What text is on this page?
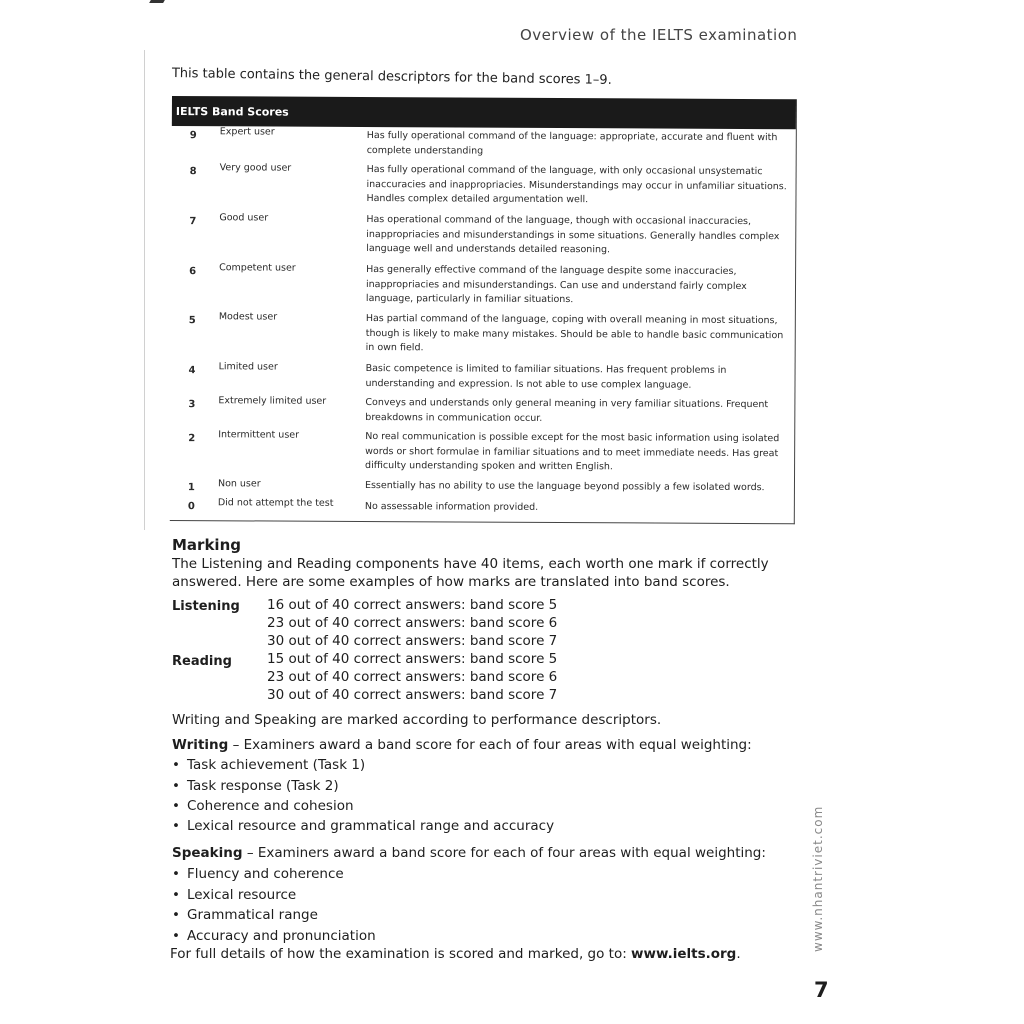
Overview of the IELTS examination
This table contains the general descriptors for the band scores 1–9.
IELTS Band Scores
9 Expert user	Has fully operational command of the language: appropriate, accurate and fluent with complete understanding
8 Very good user	Has fully operational command of the language, with only occasional unsystematic inaccuracies and inappropriacies. Misunderstandings may occur in unfamiliar situations. Handles complex detailed argumentation well.
7 Good user	Has operational command of the language, though with occasional inaccuracies, inappropriacies and misunderstandings in some situations. Generally handles complex language well and understands detailed reasoning.
6 Competent user	Has generally effective command of the language despite some inaccuracies, inappropriacies and misunderstandings. Can use and understand fairly complex language, particularly in familiar situations.
5 Modest user	Has partial command of the language, coping with overall meaning in most situations, though is likely to make many mistakes. Should be able to handle basic communication in own field.
4 Limited user	Basic competence is limited to familiar situations. Has frequent problems in understanding and expression. Is not able to use complex language.
3 Extremely limited user	Conveys and understands only general meaning in very familiar situations. Frequent breakdowns in communication occur.
2 Intermittent user	No real communication is possible except for the most basic information using isolated words or short formulae in familiar situations and to meet immediate needs. Has great difficulty understanding spoken and written English.
1 Non user	Essentially has no ability to use the language beyond possibly a few isolated words.
0 Did not attempt the test	No assessable information provided.
Marking
The Listening and Reading components have 40 items, each worth one mark if correctly answered. Here are some examples of how marks are translated into band scores.
Listening 16 out of 40 correct answers: band score 5
23 out of 40 correct answers: band score 6
30 out of 40 correct answers: band score 7
Reading	15 out of 40 correct answers: band score 5
23 out of 40 correct answers: band score 6
30 out of 40 correct answers: band score 7
Writing and Speaking are marked according to performance descriptors.
Writing – Examiners award a band score for each of four areas with equal weighting:
• Task achievement (Task 1)
• Task response (Task 2)
• Coherence and cohesion
• Lexical resource and grammatical range and accuracy
Speaking – Examiners award a band score for each of four areas with equal weighting:
• Fluency and coherence
• Lexical resource
• Grammatical range
• Accuracy and pronunciation
For full details of how the examination is scored and marked, go to: www.ielts.org.
www.nhantriviet.com
7
